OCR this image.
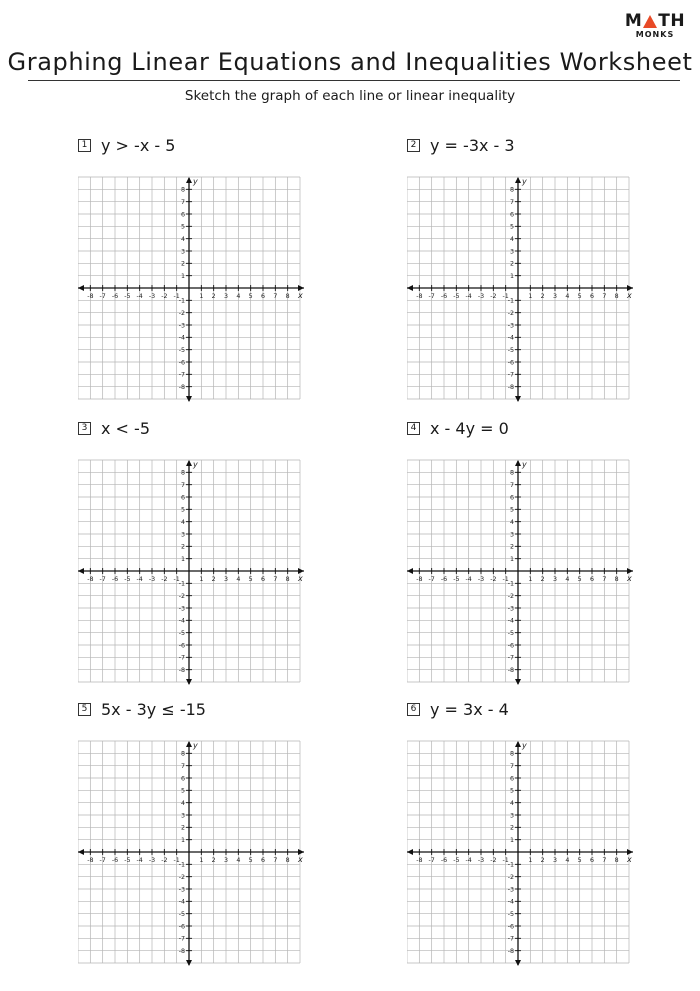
M TH
MONKS
Graphing Linear Equations and Inequalities Worksheet
Sketch the graph of each line or linear inequality
1 y > -x - 5
-8 -7 -6 -5 -4 -3 -2 -1	1 2 3 4 5 6 7 8
8
7
6
5
4
3
2
1
-1
-2
-3
-4
-5
-6
-7
-8
x
y
2 y = -3x - 3
-8 -7 -6 -5 -4 -3 -2 -1	1 2 3 4 5 6 7 8
8
7
6
5
4
3
2
1
-1
-2
-3
-4
-5
-6
-7
-8
x
y
3 x < -5
-8 -7 -6 -5 -4 -3 -2 -1	1 2 3 4 5 6 7 8
8
7
6
5
4
3
2
1
-1
-2
-3
-4
-5
-6
-7
-8
x
y
4 x - 4y = 0
-8 -7 -6 -5 -4 -3 -2 -1	1 2 3 4 5 6 7 8
8
7
6
5
4
3
2
1
-1
-2
-3
-4
-5
-6
-7
-8
x
y
5 5x - 3y ≤ -15
-8 -7 -6 -5 -4 -3 -2 -1	1 2 3 4 5 6 7 8
8
7
6
5
4
3
2
1
-1
-2
-3
-4
-5
-6
-7
-8
x
y
6 y = 3x - 4
-8 -7 -6 -5 -4 -3 -2 -1	1 2 3 4 5 6 7 8
8
7
6
5
4
3
2
1
-1
-2
-3
-4
-5
-6
-7
-8
x
y
